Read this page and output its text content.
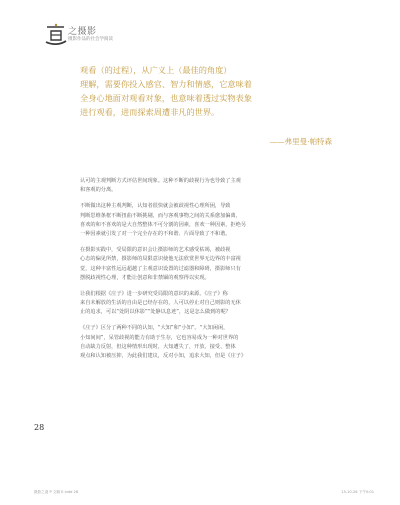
之摄影
摄影作品的社会学阅读
观看（的过程），从广义上（最佳的角度）
理解，需要你投入感官、智力和情感，它意味着
全身心地面对观看对象，也意味着透过实物表象
进行观看，进而探索周遭非凡的世界。
——弗里曼·帕特森
认可的主观判断方式评估世间现象。这种不断的歧视行为也导致了主观
和客观的分离。
不断做出这种主观判断，认知者很快就会被歧视性心理所困，导致
判断思维条框不断扭曲不断挑剔，而与客观事物之间的关系愈加偏离，
喜欢的和不喜欢的是大自然整体不可分割的因素，喜欢一种因素，拒绝另
一种因素就引发了对一个完全存在的不和谐、片面导致了不和谐。
在摄影实践中，受局限的意识会让摄影师的艺术感受枯竭，被歧视
心态的偏见所禁，摄影师的局限意识使他无法欣赏世界无边界的丰富视
觉，这种丰富性远远超越了主观意识设置的过滤器和障碍，摄影师只有
摆脱歧视性心理，才能让创意和非禁锢的观察得以实现。
让我们根据《庄子》进一步研究受局限的意识的来源。《庄子》称
来自未解放的生活的自由是已经存在的，人可以停止对自己则影的无休
止的追求，可以“处阴以休影”“处静以息迹”，这是怎么做到的呢？
《庄子》区分了两种不同的认知，“大知”和“小知”。“大知闲闲，
小知间间”，呆管歧视的能力有助于生存，它也容易成为一种对世界的
自动缺力反射，但这种情形出现时，大知遭失了，开放、接受、整体
观点和认知被压抑，为此我们建议，反对小知，追求大知，但是《庄子》
28
摄影之道 P 文稿 E.indd 28	15-10-26 下午5:01
